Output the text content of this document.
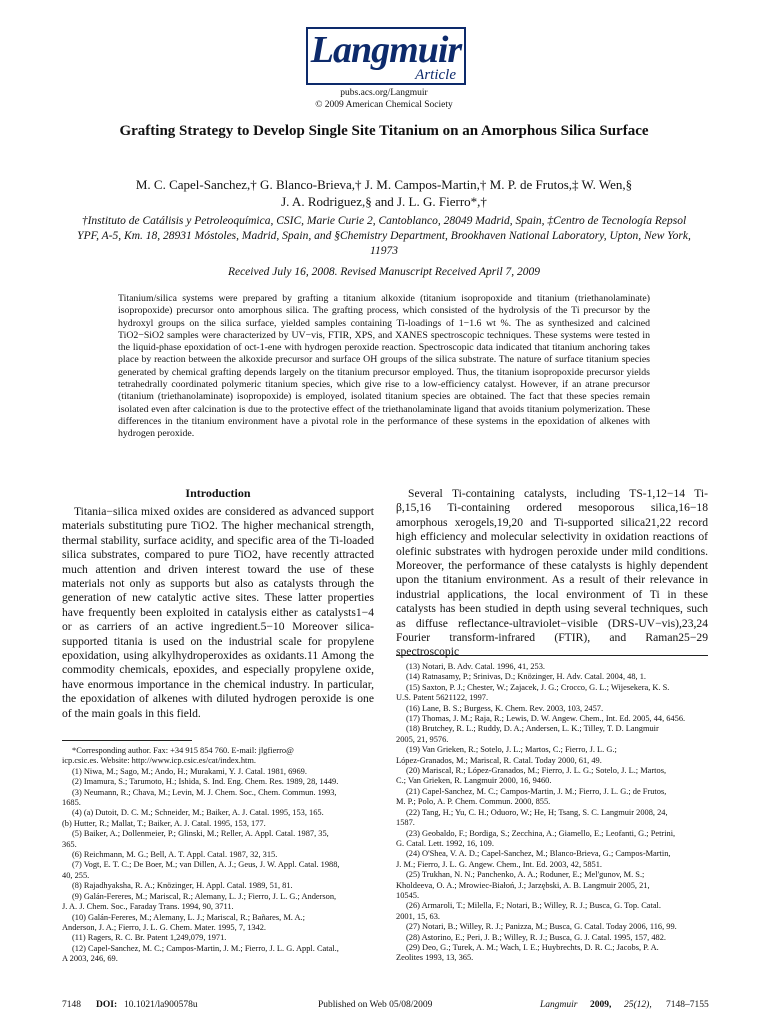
Langmuir
Article
pubs.acs.org/Langmuir
© 2009 American Chemical Society
Grafting Strategy to Develop Single Site Titanium on an Amorphous Silica Surface
M. C. Capel-Sanchez,† G. Blanco-Brieva,† J. M. Campos-Martin,† M. P. de Frutos,‡ W. Wen,§
J. A. Rodriguez,§ and J. L. G. Fierro*,†
†Instituto de Catálisis y Petroleoquímica, CSIC, Marie Curie 2, Cantoblanco, 28049 Madrid, Spain, ‡Centro de Tecnología Repsol YPF, A-5, Km. 18, 28931 Móstoles, Madrid, Spain, and §Chemistry Department, Brookhaven National Laboratory, Upton, New York, 11973
Received July 16, 2008. Revised Manuscript Received April 7, 2009
Titanium/silica systems were prepared by grafting a titanium alkoxide (titanium isopropoxide and titanium (triethanolaminate) isopropoxide) precursor onto amorphous silica. The grafting process, which consisted of the hydrolysis of the Ti precursor by the hydroxyl groups on the silica surface, yielded samples containing Ti-loadings of 1−1.6 wt %. The as synthesized and calcined TiO2−SiO2 samples were characterized by UV−vis, FTIR, XPS, and XANES spectroscopic techniques. These systems were tested in the liquid-phase epoxidation of oct-1-ene with hydrogen peroxide reaction. Spectroscopic data indicated that titanium anchoring takes place by reaction between the alkoxide precursor and surface OH groups of the silica substrate. The nature of surface titanium species generated by chemical grafting depends largely on the titanium precursor employed. Thus, the titanium isopropoxide precursor yields tetrahedrally coordinated polymeric titanium species, which give rise to a low-efficiency catalyst. However, if an atrane precursor (titanium (triethanolaminate) isopropoxide) is employed, isolated titanium species are obtained. The fact that these species remain isolated even after calcination is due to the protective effect of the triethanolaminate ligand that avoids titanium polymerization. These differences in the titanium environment have a pivotal role in the performance of these systems in the epoxidation of alkenes with hydrogen peroxide.
Introduction
Titania−silica mixed oxides are considered as advanced support materials substituting pure TiO2. The higher mechanical strength, thermal stability, surface acidity, and specific area of the Ti-loaded silica substrates, compared to pure TiO2, have recently attracted much attention and driven interest toward the use of these materials not only as supports but also as catalysts through the generation of new catalytic active sites. These latter properties have frequently been exploited in catalysis either as catalysts1−4 or as carriers of an active ingredient.5−10 Moreover silica-supported titania is used on the industrial scale for propylene epoxidation, using alkylhydroperoxides as oxidants.11 Among the commodity chemicals, epoxides, and especially propylene oxide, have enormous importance in the chemical industry. In particular, the epoxidation of alkenes with diluted hydrogen peroxide is one of the main goals in this field.
Several Ti-containing catalysts, including TS-1,12−14 Ti-β,15,16 Ti-containing ordered mesoporous silica,16−18 amorphous xerogels,19,20 and Ti-supported silica21,22 record high efficiency and molecular selectivity in oxidation reactions of olefinic substrates with hydrogen peroxide under mild conditions. Moreover, the performance of these catalysts is highly dependent upon the titanium environment. As a result of their relevance in industrial applications, the local environment of Ti in these catalysts has been studied in depth using several techniques, such as diffuse reflectance-ultraviolet−visible (DRS-UV−vis),23,24 Fourier transform-infrared (FTIR), and Raman25−29 spectroscopic
*Corresponding author. Fax: +34 915 854 760. E-mail: jlgfierro@
icp.csic.es. Website: http://www.icp.csic.es/cat/index.htm.
(1) Niwa, M.; Sago, M.; Ando, H.; Murakami, Y. J. Catal. 1981, 6969.
(2) Imamura, S.; Tarumoto, H.; Ishida, S. Ind. Eng. Chem. Res. 1989, 28, 1449.
(3) Neumann, R.; Chava, M.; Levin, M. J. Chem. Soc., Chem. Commun. 1993,
1685.
(4) (a) Dutoit, D. C. M.; Schneider, M.; Baiker, A. J. Catal. 1995, 153, 165.
(b) Hutter, R.; Mallat, T.; Baiker, A. J. Catal. 1995, 153, 177.
(5) Baiker, A.; Dollenmeier, P.; Glinski, M.; Reller, A. Appl. Catal. 1987, 35,
365.
(6) Reichmann, M. G.; Bell, A. T. Appl. Catal. 1987, 32, 315.
(7) Vogt, E. T. C.; De Boer, M.; van Dillen, A. J.; Geus, J. W. Appl. Catal. 1988,
40, 255.
(8) Rajadhyaksha, R. A.; Knözinger, H. Appl. Catal. 1989, 51, 81.
(9) Galán-Fereres, M.; Mariscal, R.; Alemany, L. J.; Fierro, J. L. G.; Anderson,
J. A. J. Chem. Soc., Faraday Trans. 1994, 90, 3711.
(10) Galán-Fereres, M.; Alemany, L. J.; Mariscal, R.; Bañares, M. A.;
Anderson, J. A.; Fierro, J. L. G. Chem. Mater. 1995, 7, 1342.
(11) Ragers, R. C. Br. Patent 1,249,079, 1971.
(12) Capel-Sanchez, M. C.; Campos-Martin, J. M.; Fierro, J. L. G. Appl. Catal.,
A 2003, 246, 69.
(13) Notari, B. Adv. Catal. 1996, 41, 253.
(14) Ratnasamy, P.; Srinivas, D.; Knözinger, H. Adv. Catal. 2004, 48, 1.
(15) Saxton, P. J.; Chester, W.; Zajacek, J. G.; Crocco, G. L.; Wijesekera, K. S.
U.S. Patent 5621122, 1997.
(16) Lane, B. S.; Burgess, K. Chem. Rev. 2003, 103, 2457.
(17) Thomas, J. M.; Raja, R.; Lewis, D. W. Angew. Chem., Int. Ed. 2005, 44, 6456.
(18) Brutchey, R. L.; Ruddy, D. A.; Andersen, L. K.; Tilley, T. D. Langmuir
2005, 21, 9576.
(19) Van Grieken, R.; Sotelo, J. L.; Martos, C.; Fierro, J. L. G.;
López-Granados, M.; Mariscal, R. Catal. Today 2000, 61, 49.
(20) Mariscal, R.; López-Granados, M.; Fierro, J. L. G.; Sotelo, J. L.; Martos,
C.; Van Grieken, R. Langmuir 2000, 16, 9460.
(21) Capel-Sanchez, M. C.; Campos-Martin, J. M.; Fierro, J. L. G.; de Frutos,
M. P.; Polo, A. P. Chem. Commun. 2000, 855.
(22) Tang, H.; Yu, C. H.; Oduoro, W.; He, H; Tsang, S. C. Langmuir 2008, 24,
1587.
(23) Geobaldo, F.; Bordiga, S.; Zecchina, A.; Giamello, E.; Leofanti, G.; Petrini,
G. Catal. Lett. 1992, 16, 109.
(24) O'Shea, V. A. D.; Capel-Sanchez, M.; Blanco-Brieva, G.; Campos-Martin,
J. M.; Fierro, J. L. G. Angew. Chem., Int. Ed. 2003, 42, 5851.
(25) Trukhan, N. N.; Panchenko, A. A.; Roduner, E.; Mel'gunov, M. S.;
Kholdeeva, O. A.; Mrowiec-Białoń, J.; Jarzębski, A. B. Langmuir 2005, 21,
10545.
(26) Armaroli, T.; Milella, F.; Notari, B.; Willey, R. J.; Busca, G. Top. Catal.
2001, 15, 63.
(27) Notari, B.; Willey, R. J.; Panizza, M.; Busca, G. Catal. Today 2006, 116, 99.
(28) Astorino, E.; Peri, J. B.; Willey, R. J.; Busca, G. J. Catal. 1995, 157, 482.
(29) Deo, G.; Turek, A. M.; Wach, I. E.; Huybrechts, D. R. C.; Jacobs, P. A.
Zeolites 1993, 13, 365.
7148 DOI: 10.1021/la900578u	Published on Web 05/08/2009	Langmuir 2009, 25(12), 7148–7155
